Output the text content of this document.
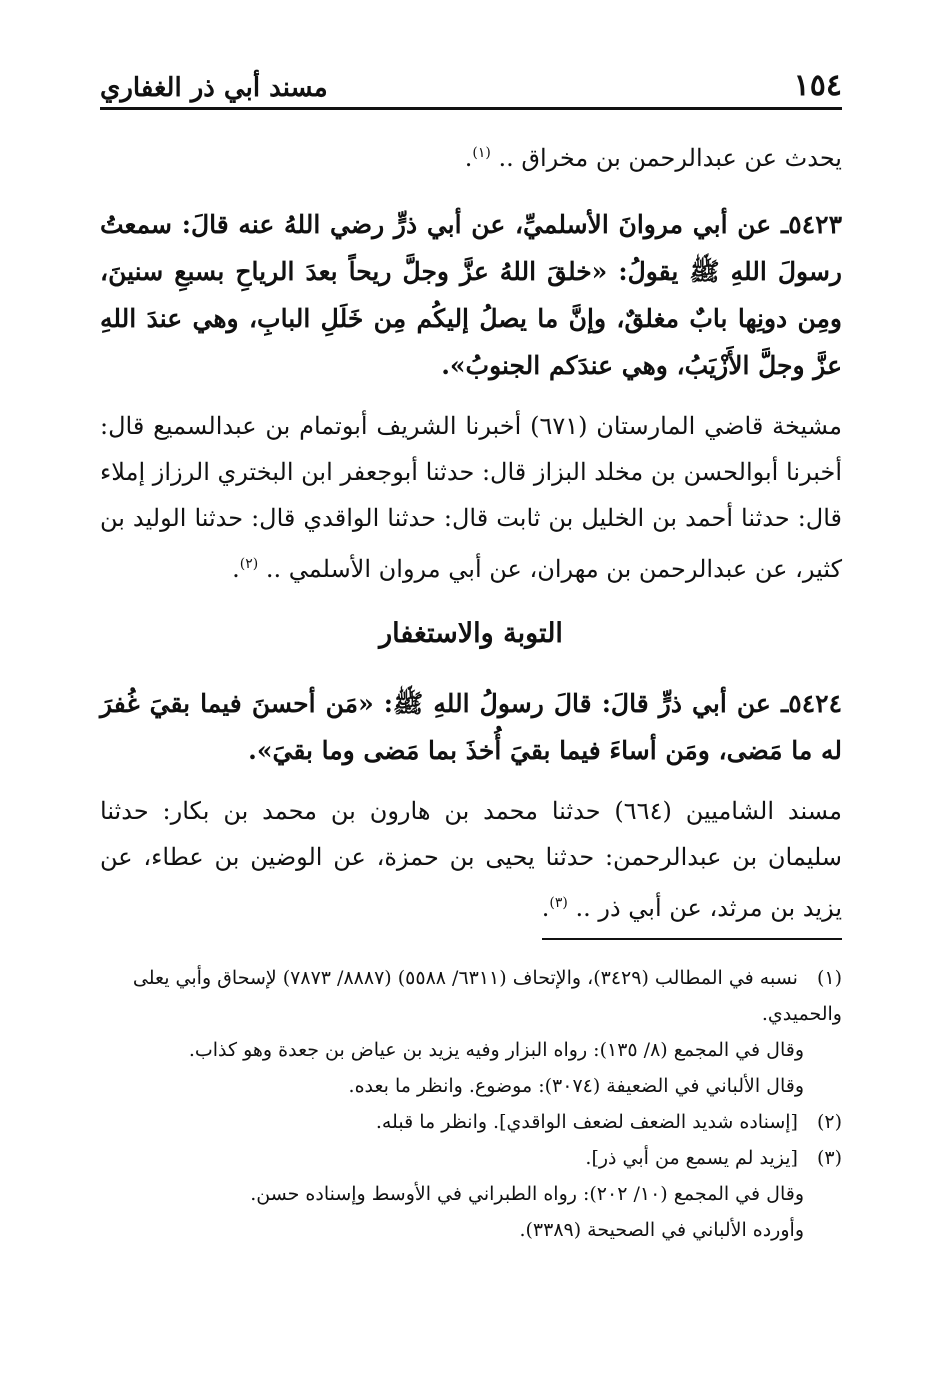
١٥٤
مسند أبي ذر الغفاري

يحدث عن عبدالرحمن بن مخراق .. $^{(١)}$.

٥٤٢٣ـ عن أبي مروانَ الأسلميِّ، عن أبي ذرٍّ رضي اللهُ عنه قالَ: سمعتُ رسولَ اللهِ ﷺ يقولُ: «خلقَ اللهُ عزَّ وجلَّ ريحاً بعدَ الرياحِ بسبعِ سنينَ، ومِن دونِها بابٌ مغلقٌ، وإنَّ ما يصلُ إليكُم مِن خَلَلِ البابِ، وهي عندَ اللهِ عزَّ وجلَّ الأَزْيَبُ، وهي عندَكم الجنوبُ».

مشيخة قاضي المارستان (٦٧١) أخبرنا الشريف أبوتمام بن عبدالسميع قال: أخبرنا أبوالحسن بن مخلد البزاز قال: حدثنا أبوجعفر ابن البختري الرزاز إملاء قال: حدثنا أحمد بن الخليل بن ثابت قال: حدثنا الواقدي قال: حدثنا الوليد بن كثير، عن عبدالرحمن بن مهران، عن أبي مروان الأسلمي .. $^{(٢)}$.

التوبة والاستغفار

٥٤٢٤ـ عن أبي ذرٍّ قالَ: قالَ رسولُ اللهِ ﷺ: «مَن أحسنَ فيما بقيَ غُفرَ له ما مَضى، ومَن أساءَ فيما بقيَ أُخذَ بما مَضى وما بقيَ».

مسند الشاميين (٦٦٤) حدثنا محمد بن هارون بن محمد بن بكار: حدثنا سليمان بن عبدالرحمن: حدثنا يحيى بن حمزة، عن الوضين بن عطاء، عن يزيد بن مرثد، عن أبي ذر .. $^{(٣)}$.

(١) نسبه في المطالب (٣٤٢٩)، والإتحاف (٦٣١١/ ٥٥٨٨) (٨٨٨٧/ ٧٨٧٣) لإسحاق وأبي يعلى والحميدي.

وقال في المجمع (٨/ ١٣٥): رواه البزار وفيه يزيد بن عياض بن جعدة وهو كذاب.

وقال الألباني في الضعيفة (٣٠٧٤): موضوع. وانظر ما بعده.

(٢) [إسناده شديد الضعف لضعف الواقدي]. وانظر ما قبله.
(٣) [يزيد لم يسمع من أبي ذر].

وقال في المجمع (١٠/ ٢٠٢): رواه الطبراني في الأوسط وإسناده حسن.

وأورده الألباني في الصحيحة (٣٣٨٩).
